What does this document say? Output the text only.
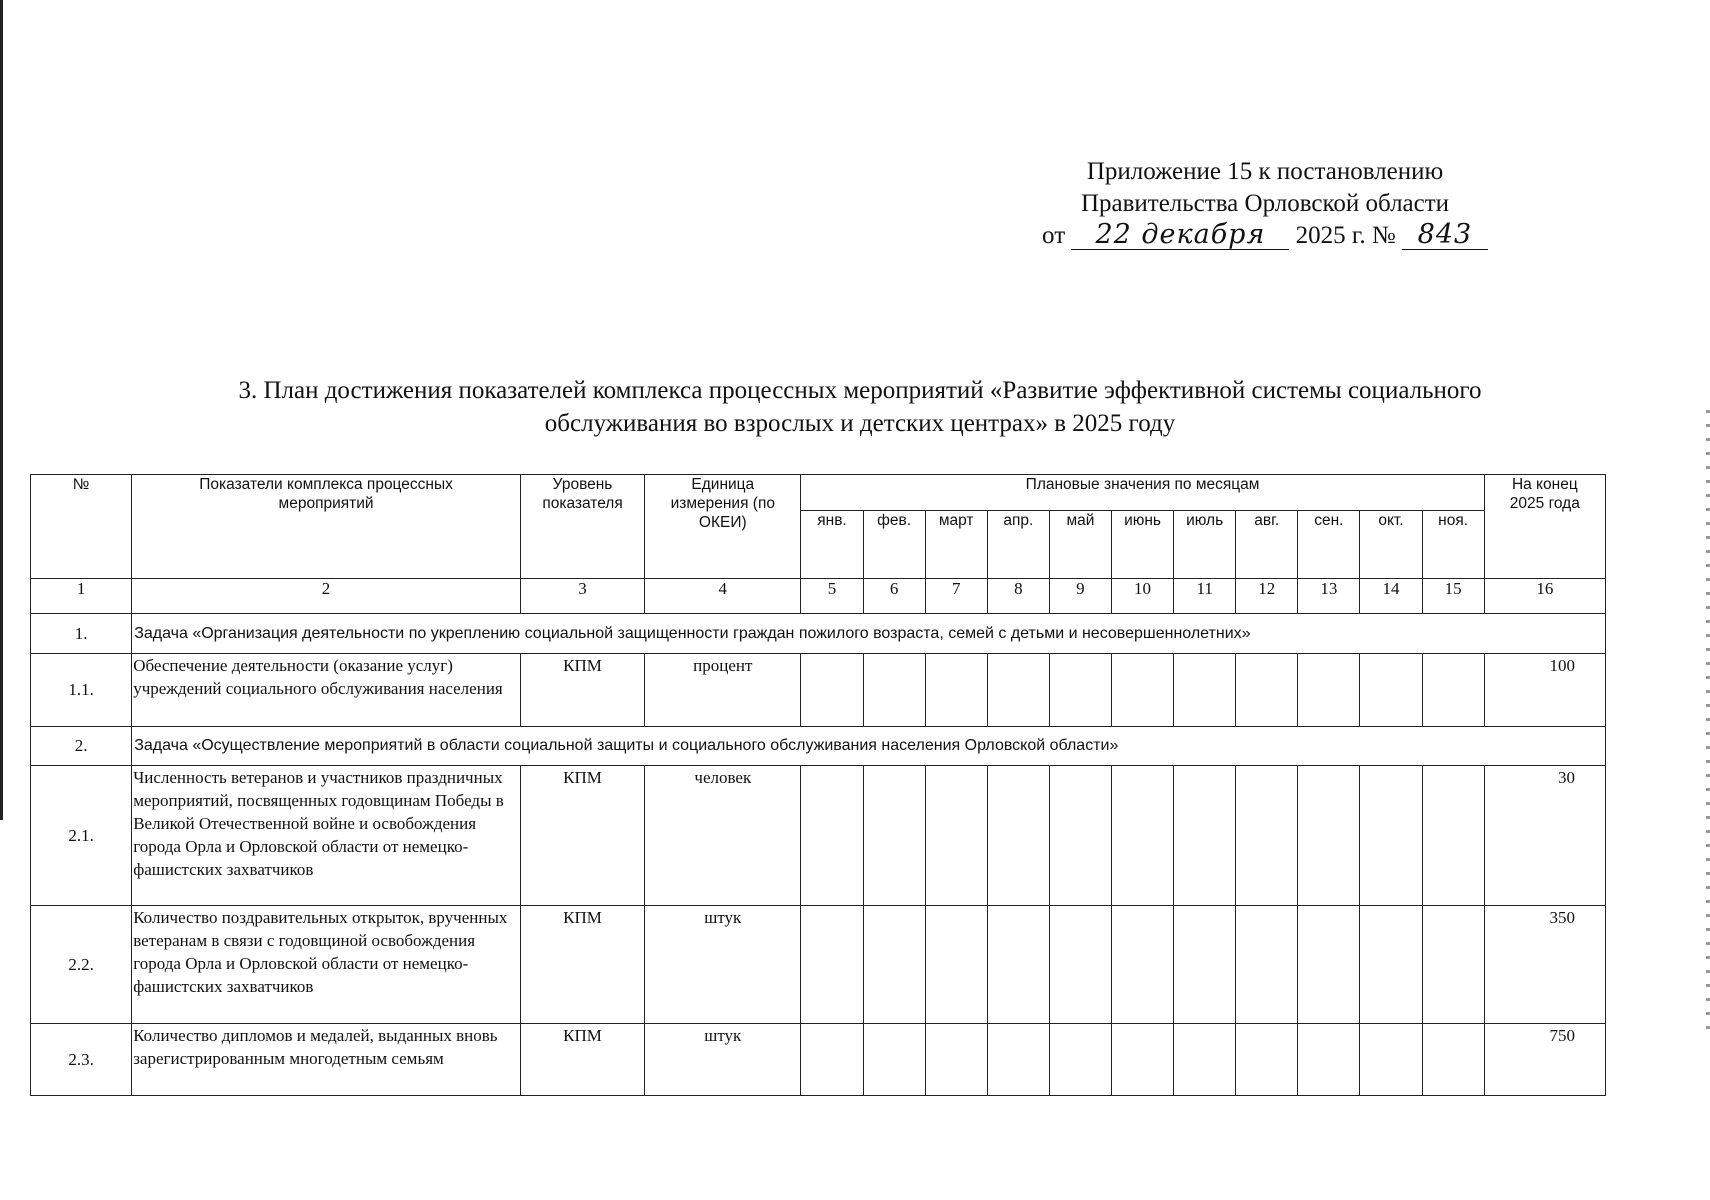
Приложение 15 к постановлению
Правительства Орловской области
от 22 декабря 2025 г. № 843
3. План достижения показателей комплекса процессных мероприятий «Развитие эффективной системы социального
обслуживания во взрослых и детских центрах» в 2025 году
№	Показатели комплекса процессных мероприятий	Уровень показателя	Единица измерения (по ОКЕИ)	Плановые значения по месяцам											На конец 2025 года
				янв.	фев.	март	апр.	май	июнь	июль	авг.	сен.	окт.	ноя.	
1	2	3	4	5	6	7	8	9	10	11	12	13	14	15	16
1.	Задача «Организация деятельности по укреплению социальной защищенности граждан пожилого возраста, семей с детьми и несовершеннолетних»														
1.1.	Обеспечение деятельности (оказание услуг) учреждений социального обслуживания населения	КПМ	процент												100
2.	Задача «Осуществление мероприятий в области социальной защиты и социального обслуживания населения Орловской области»														
2.1.	Численность ветеранов и участников праздничных мероприятий, посвященных годовщинам Победы в Великой Отечественной войне и освобождения города Орла и Орловской области от немецко-фашистских захватчиков	КПМ	человек												30
2.2.	Количество поздравительных открыток, врученных ветеранам в связи с годовщиной освобождения города Орла и Орловской области от немецко-фашистских захватчиков	КПМ	штук												350
2.3.	Количество дипломов и медалей, выданных вновь зарегистрированным многодетным семьям	КПМ	штук												750
